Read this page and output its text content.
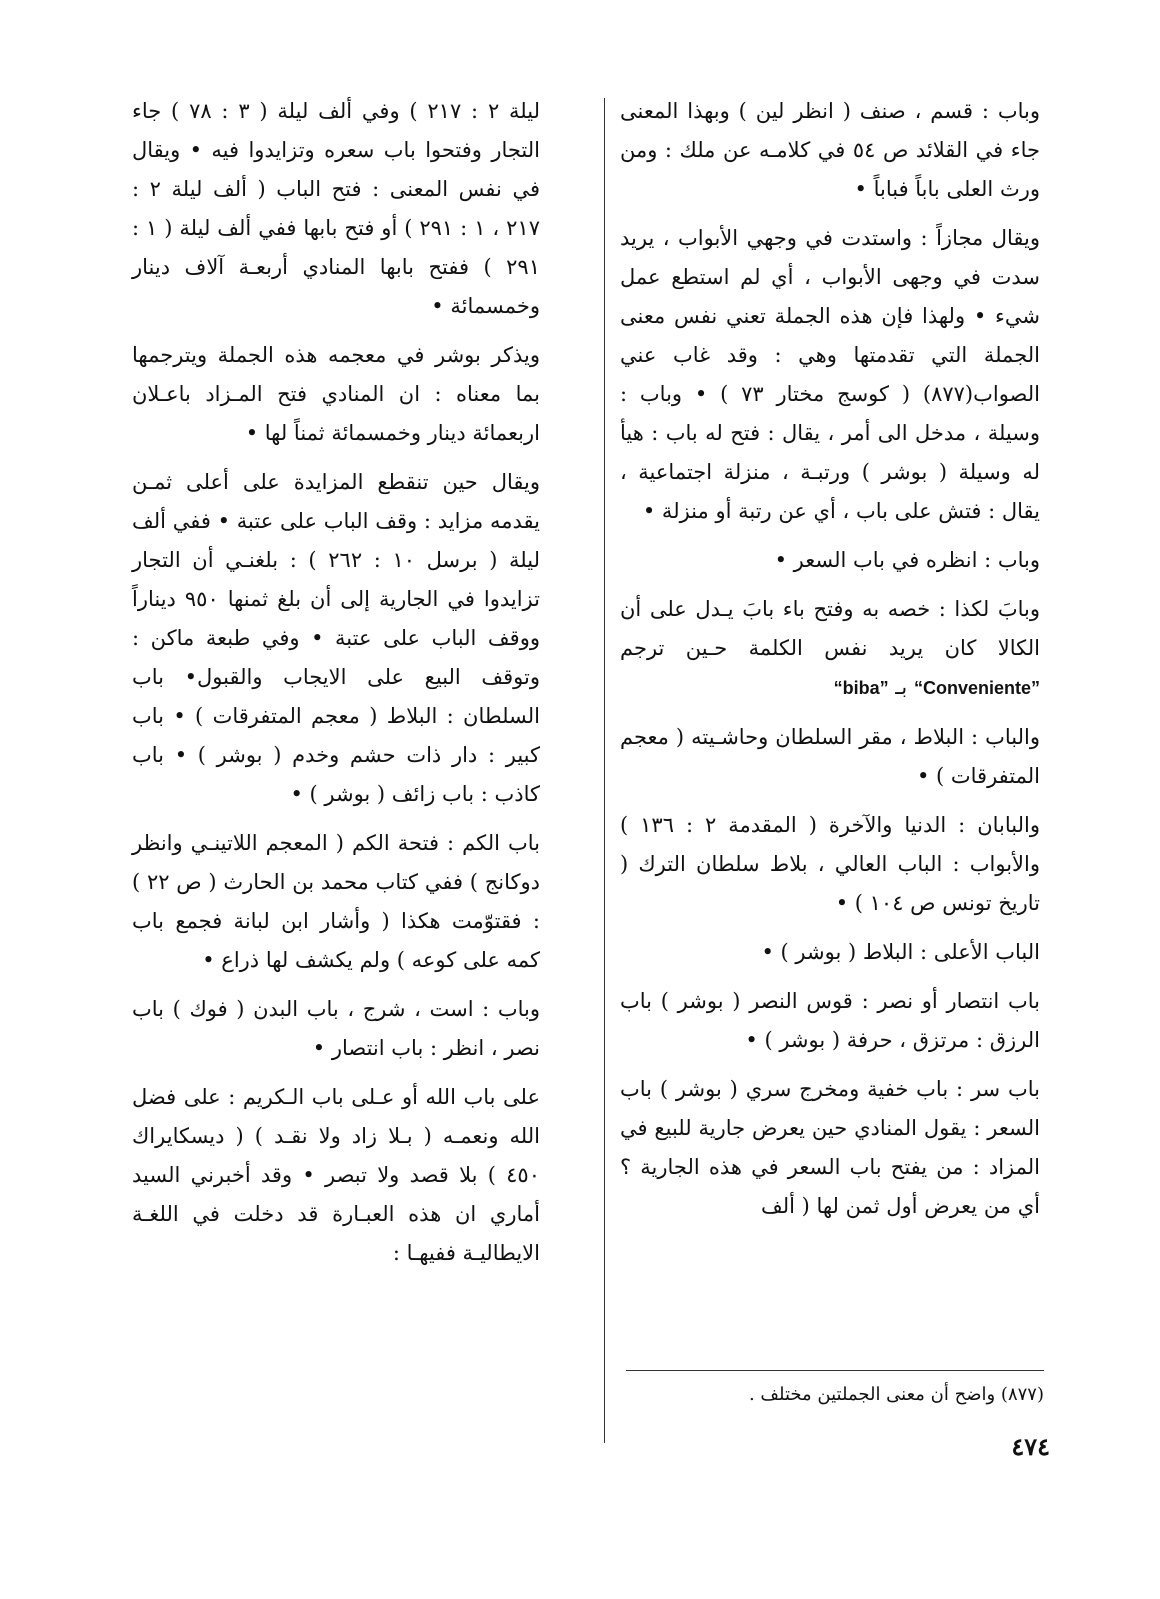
وباب : قسم ، صنف ( انظر لين ) وبهذا المعنى جاء في القلائد ص ٥٤ في كلامـه عن ملك : ومن ورث العلى باباً فباباً •

ويقال مجازاً : واستدت في وجهي الأبواب ، يريد سدت في وجهى الأبواب ، أي لم استطع عمل شيء • ولهذا فإن هذه الجملة تعني نفس معنى الجملة التي تقدمتها وهي : وقد غاب عني الصواب(٨٧٧) ( كوسج مختار ٧٣ ) • وباب : وسيلة ، مدخل الى أمر ، يقال : فتح له باب : هيأ له وسيلة ( بوشر ) ورتبـة ، منزلة اجتماعية ، يقال : فتش على باب ، أي عن رتبة أو منزلة •

وباب : انظره في باب السعر •

وبابَ لكذا : خصه به وفتح باء بابَ يـدل على أن الكالا كان يريد نفس الكلمة حـين ترجم “Conveniente” بـ “biba”

والباب : البلاط ، مقر السلطان وحاشـيته ( معجم المتفرقات ) •

والبابان : الدنيا والآخرة ( المقدمة ٢ : ١٣٦ ) والأبواب : الباب العالي ، بلاط سلطان الترك ( تاريخ تونس ص ١٠٤ ) •

الباب الأعلى : البلاط ( بوشر ) •

باب انتصار أو نصر : قوس النصر ( بوشر ) باب الرزق : مرتزق ، حرفة ( بوشر ) •

باب سر : باب خفية ومخرج سري ( بوشر ) باب السعر : يقول المنادي حين يعرض جارية للبيع في المزاد : من يفتح باب السعر في هذه الجارية ؟ أي من يعرض أول ثمن لها ( ألف

ليلة ٢ : ٢١٧ ) وفي ألف ليلة ( ٣ : ٧٨ ) جاء التجار وفتحوا باب سعره وتزايدوا فيه • ويقال في نفس المعنى : فتح الباب ( ألف ليلة ٢ : ٢١٧ ، ١ : ٢٩١ ) أو فتح بابها ففي ألف ليلة ( ١ : ٢٩١ ) ففتح بابها المنادي أربعـة آلاف دينار وخمسمائة •

ويذكر بوشر في معجمه هذه الجملة ويترجمها بما معناه : ان المنادي فتح المـزاد باعـلان اربعمائة دينار وخمسمائة ثمناً لها •

ويقال حين تنقطع المزايدة على أعلى ثمـن يقدمه مزايد : وقف الباب على عتبة • ففي ألف ليلة ( برسل ١٠ : ٢٦٢ ) : بلغنـي أن التجار تزايدوا في الجارية إلى أن بلغ ثمنها ٩٥٠ ديناراً ووقف الباب على عتبة • وفي طبعة ماكن : وتوقف البيع على الايجاب والقبول• باب السلطان : البلاط ( معجم المتفرقات ) • باب كبير : دار ذات حشم وخدم ( بوشر ) • باب كاذب : باب زائف ( بوشر ) •

باب الكم : فتحة الكم ( المعجم اللاتينـي وانظر دوكانج ) ففي كتاب محمد بن الحارث ( ص ٢٢ ) : فقتوّمت هكذا ( وأشار ابن لبانة فجمع باب كمه على كوعه ) ولم يكشف لها ذراع •

وباب : است ، شرج ، باب البدن ( فوك ) باب نصر ، انظر : باب انتصار •

على باب الله أو عـلى باب الـكريم : على فضل الله ونعمـه ( بـلا زاد ولا نقـد ) ( ديسكايراك ٤٥٠ ) بلا قصد ولا تبصر • وقد أخبرني السيد أماري ان هذه العبـارة قد دخلت في اللغـة الايطاليـة ففيهـا :

(٨٧٧) واضح أن معنى الجملتين مختلف .
٤٧٤
